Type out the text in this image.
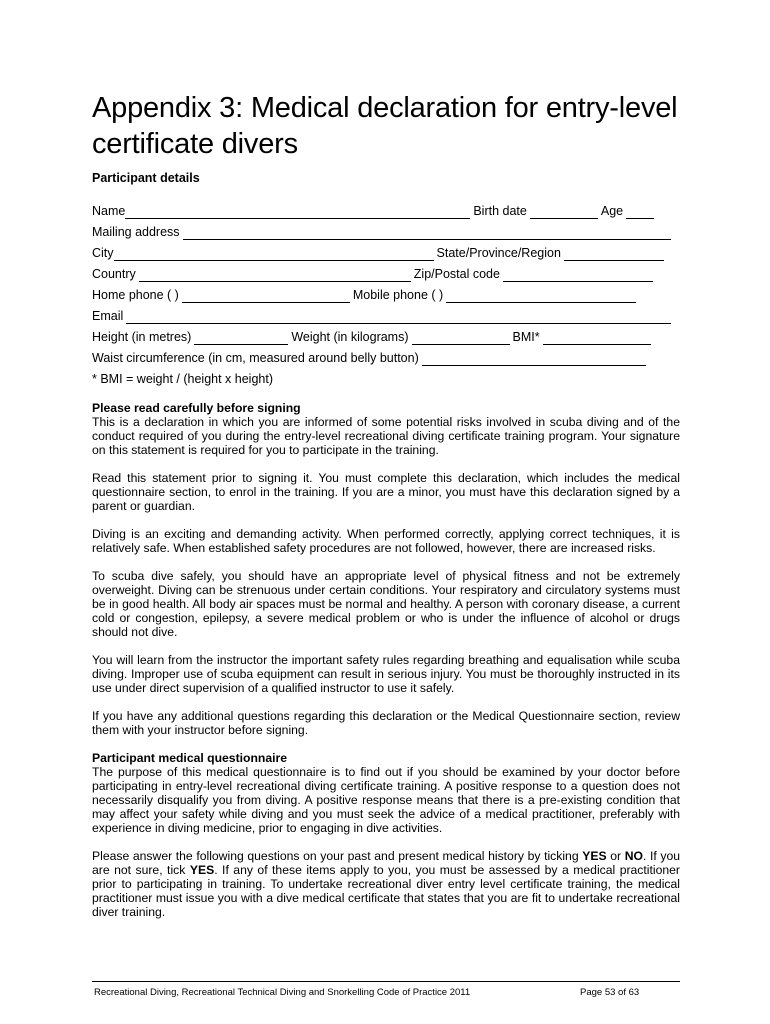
Appendix 3: Medical declaration for entry-level certificate divers
Participant details
Name	Birth date	Age
Mailing address
City	State/Province/Region
Country	Zip/Postal code
Home phone ( )	Mobile phone ( )
Email
Height (in metres)	Weight (in kilograms)	BMI*
Waist circumference (in cm, measured around belly button)
* BMI = weight / (height x height)

Please read carefully before signing

This is a declaration in which you are informed of some potential risks involved in scuba diving and of the conduct required of you during the entry-level recreational diving certificate training program. Your signature on this statement is required for you to participate in the training.

Read this statement prior to signing it. You must complete this declaration, which includes the medical questionnaire section, to enrol in the training. If you are a minor, you must have this declaration signed by a parent or guardian.

Diving is an exciting and demanding activity. When performed correctly, applying correct techniques, it is relatively safe. When established safety procedures are not followed, however, there are increased risks.

To scuba dive safely, you should have an appropriate level of physical fitness and not be extremely overweight. Diving can be strenuous under certain conditions. Your respiratory and circulatory systems must be in good health. All body air spaces must be normal and healthy. A person with coronary disease, a current cold or congestion, epilepsy, a severe medical problem or who is under the influence of alcohol or drugs should not dive.

You will learn from the instructor the important safety rules regarding breathing and equalisation while scuba diving. Improper use of scuba equipment can result in serious injury. You must be thoroughly instructed in its use under direct supervision of a qualified instructor to use it safely.

If you have any additional questions regarding this declaration or the Medical Questionnaire section, review them with your instructor before signing.

Participant medical questionnaire

The purpose of this medical questionnaire is to find out if you should be examined by your doctor before participating in entry-level recreational diving certificate training. A positive response to a question does not necessarily disqualify you from diving. A positive response means that there is a pre-existing condition that may affect your safety while diving and you must seek the advice of a medical practitioner, preferably with experience in diving medicine, prior to engaging in dive activities.

Please answer the following questions on your past and present medical history by ticking YES or NO. If you are not sure, tick YES. If any of these items apply to you, you must be assessed by a medical practitioner prior to participating in training. To undertake recreational diver entry level certificate training, the medical practitioner must issue you with a dive medical certificate that states that you are fit to undertake recreational diver training.

Recreational Diving, Recreational Technical Diving and Snorkelling Code of Practice 2011	Page 53 of 63
